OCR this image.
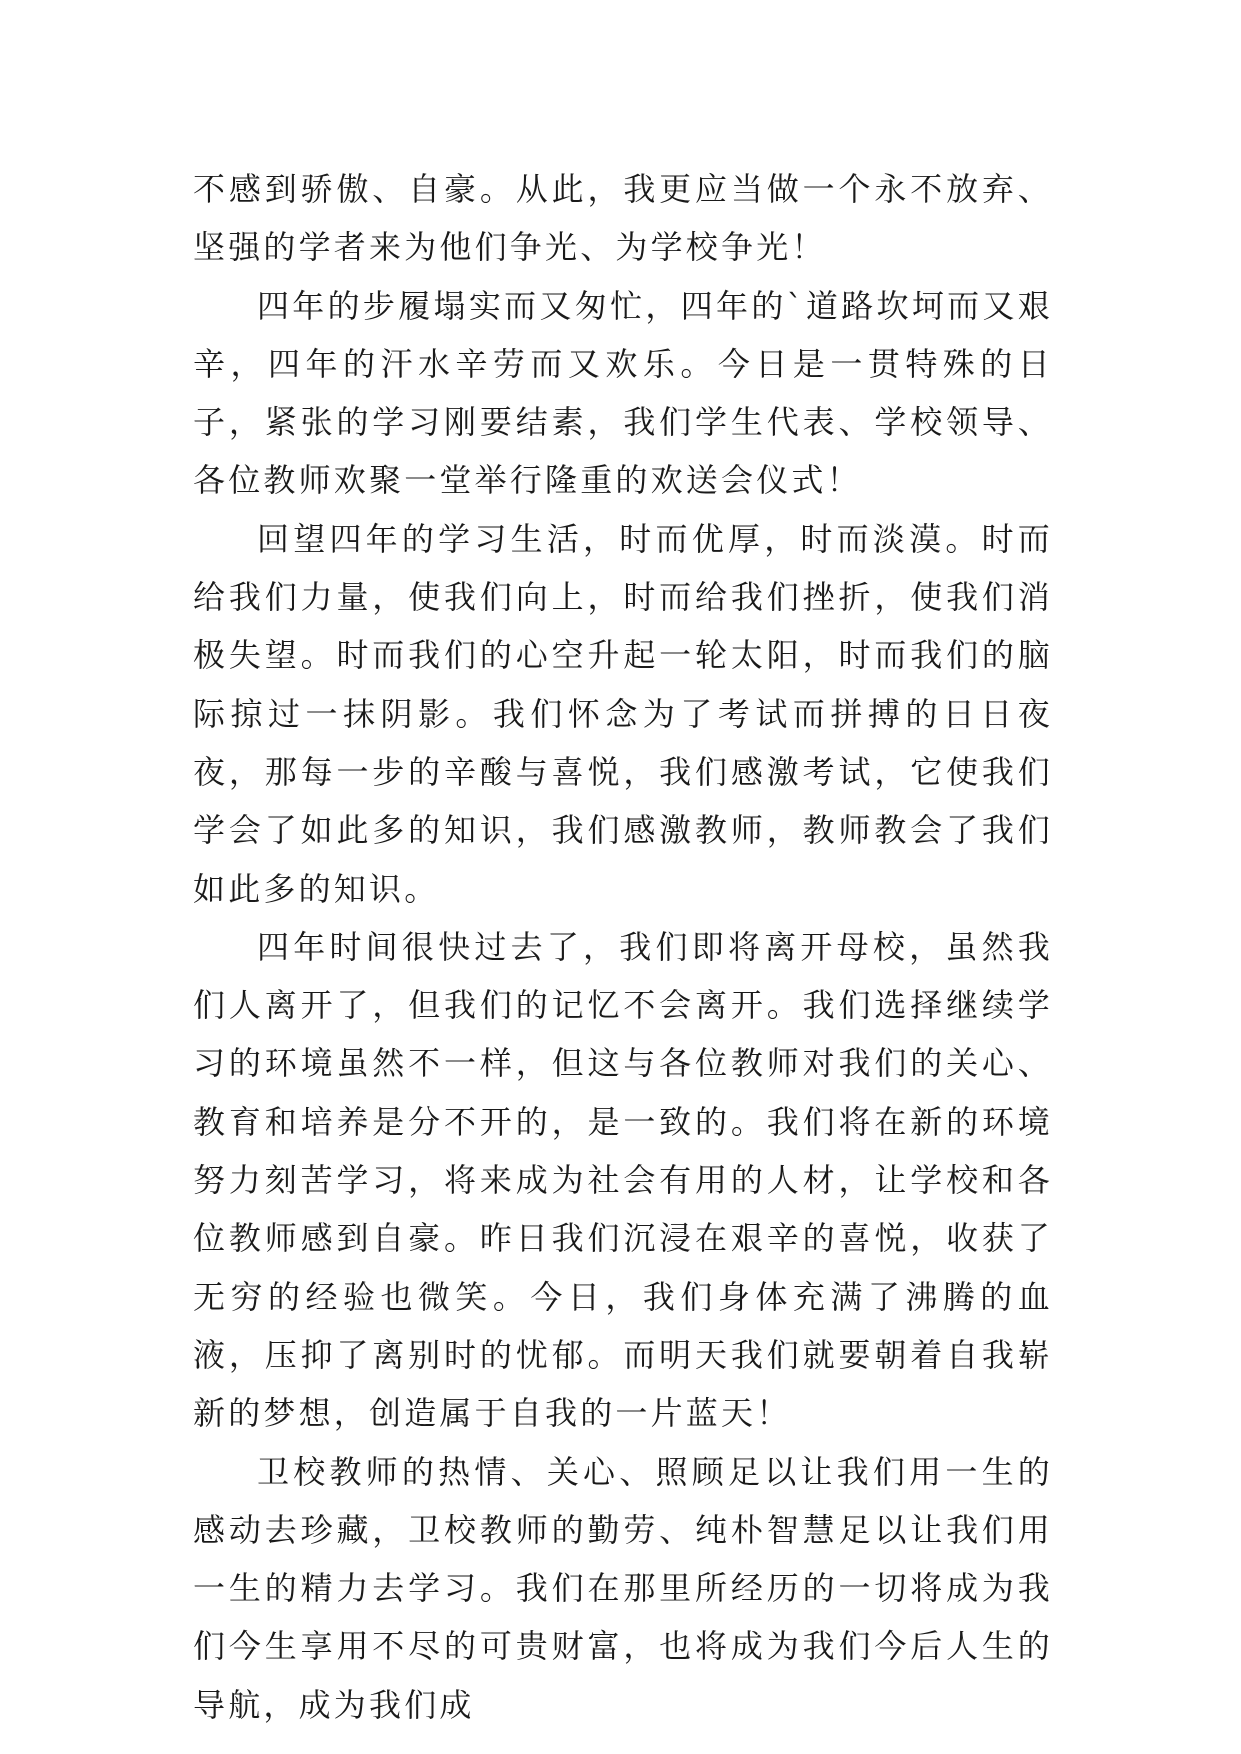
不感到骄傲、自豪。从此，我更应当做一个永不放弃、坚强的学者来为他们争光、为学校争光！

四年的步履塌实而又匆忙，四年的`道路坎坷而又艰辛，四年的汗水辛劳而又欢乐。今日是一贯特殊的日子，紧张的学习刚要结素，我们学生代表、学校领导、各位教师欢聚一堂举行隆重的欢送会仪式！

回望四年的学习生活，时而优厚，时而淡漠。时而给我们力量，使我们向上，时而给我们挫折，使我们消极失望。时而我们的心空升起一轮太阳，时而我们的脑际掠过一抹阴影。我们怀念为了考试而拼搏的日日夜夜，那每一步的辛酸与喜悦，我们感激考试，它使我们学会了如此多的知识，我们感激教师，教师教会了我们如此多的知识。

四年时间很快过去了，我们即将离开母校，虽然我们人离开了，但我们的记忆不会离开。我们选择继续学习的环境虽然不一样，但这与各位教师对我们的关心、教育和培养是分不开的，是一致的。我们将在新的环境努力刻苦学习，将来成为社会有用的人材，让学校和各位教师感到自豪。昨日我们沉浸在艰辛的喜悦，收获了无穷的经验也微笑。今日，我们身体充满了沸腾的血液，压抑了离别时的忧郁。而明天我们就要朝着自我崭新的梦想，创造属于自我的一片蓝天！

卫校教师的热情、关心、照顾足以让我们用一生的感动去珍藏，卫校教师的勤劳、纯朴智慧足以让我们用一生的精力去学习。我们在那里所经历的一切将成为我们今生享用不尽的可贵财富，也将成为我们今后人生的导航，成为我们成
